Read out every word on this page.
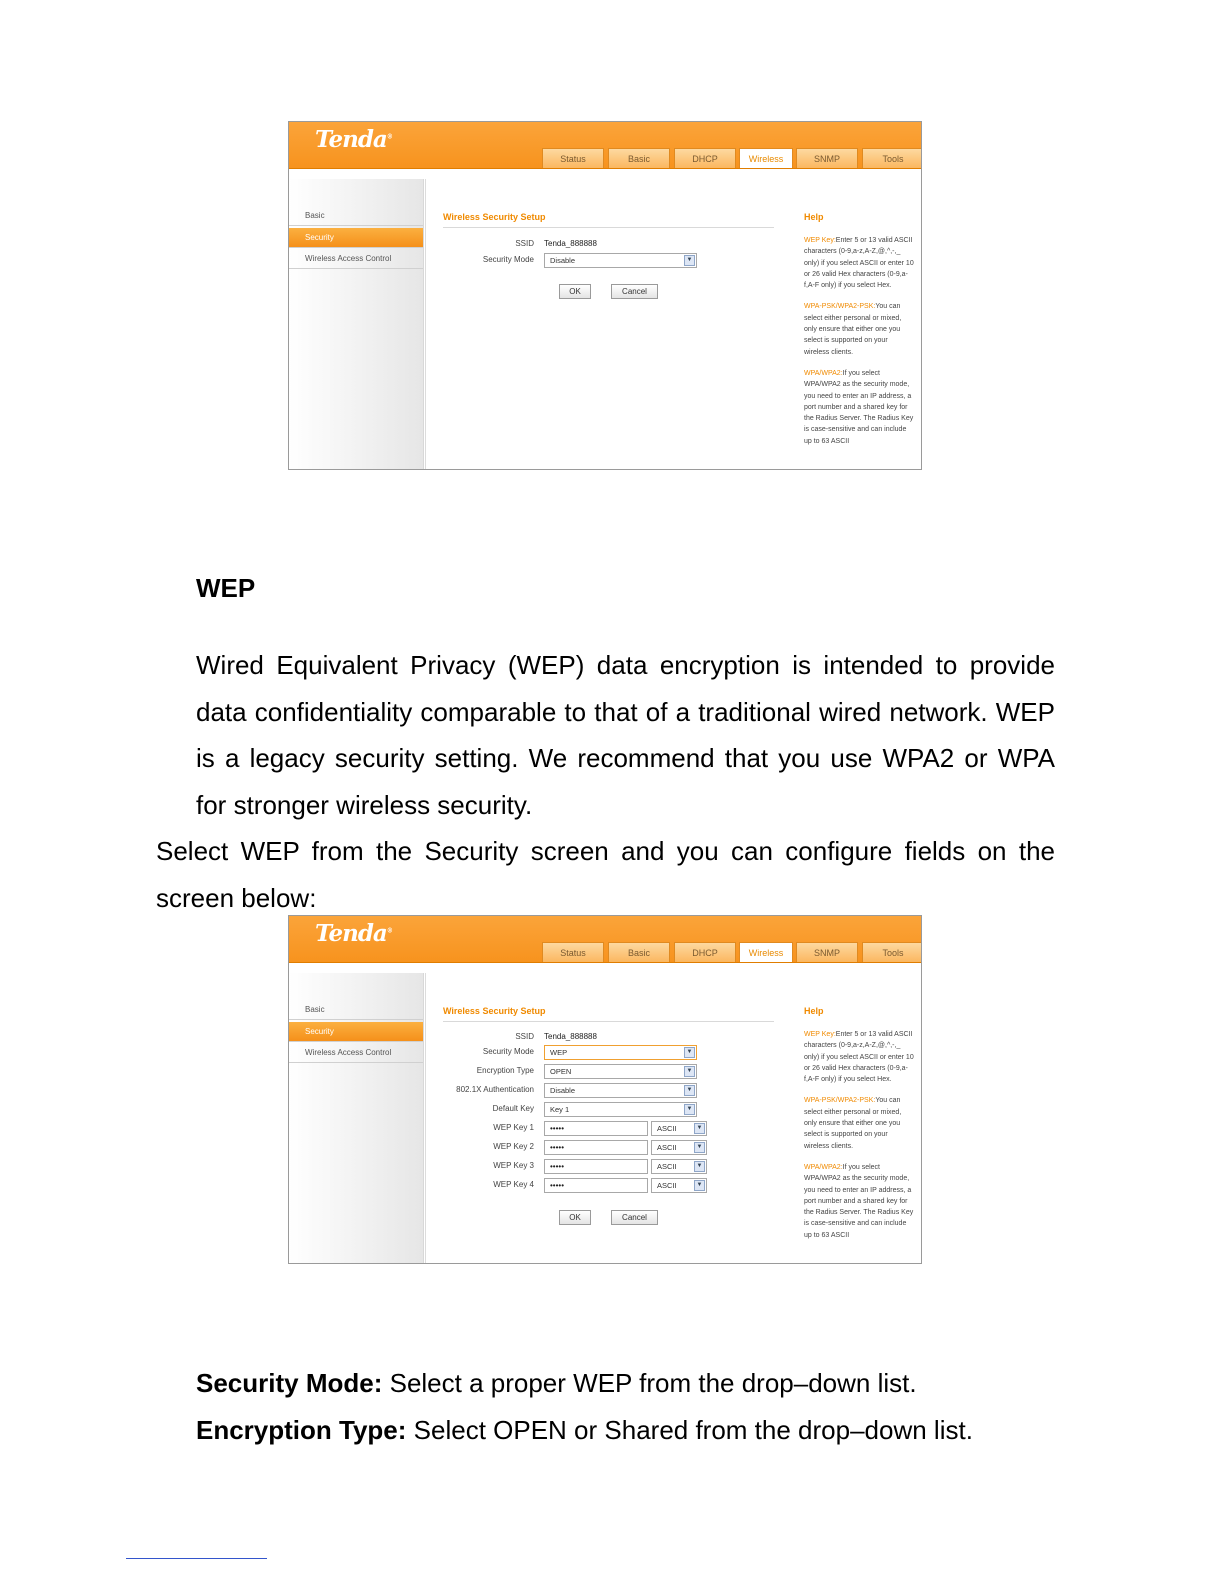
Tenda®
Status	Basic	DHCP	Wireless	SNMP	Tools
Basic
Security
Wireless Access Control
Wireless Security Setup
SSID Tenda_888888
Security Mode	Disable	▼
OK	Cancel
Help

WEP Key:Enter 5 or 13 valid ASCII characters (0-9,a-z,A-Z,@,^,-,_ only) if you select ASCII or enter 10 or 26 valid Hex characters (0-9,a-f,A-F only) if you select Hex.

WPA-PSK/WPA2-PSK:You can select either personal or mixed, only ensure that either one you select is supported on your wireless clients.

WPA/WPA2:If you select WPA/WPA2 as the security mode, you need to enter an IP address, a port number and a shared key for the Radius Server. The Radius Key is case-sensitive and can include up to 63 ASCII

WEP

Wired Equivalent Privacy (WEP) data encryption is intended to provide data confidentiality comparable to that of a traditional wired network. WEP is a legacy security setting. We recommend that you use WPA2 or WPA for stronger wireless security.

Select WEP from the Security screen and you can configure fields on the screen below:

Tenda®
Status	Basic	DHCP	Wireless	SNMP	Tools
Basic
Security
Wireless Access Control
Wireless Security Setup
SSID Tenda_888888
Security Mode	WEP	▼
Encryption Type	OPEN	▼
802.1X Authentication	Disable	▼
Default Key	Key 1	▼
WEP Key 1	•••••	ASCII	▼
WEP Key 2	•••••	ASCII	▼
WEP Key 3	•••••	ASCII	▼
WEP Key 4	•••••	ASCII	▼
OK	Cancel
Help

WEP Key:Enter 5 or 13 valid ASCII characters (0-9,a-z,A-Z,@,^,-,_ only) if you select ASCII or enter 10 or 26 valid Hex characters (0-9,a-f,A-F only) if you select Hex.

WPA-PSK/WPA2-PSK:You can select either personal or mixed, only ensure that either one you select is supported on your wireless clients.

WPA/WPA2:If you select WPA/WPA2 as the security mode, you need to enter an IP address, a port number and a shared key for the Radius Server. The Radius Key is case-sensitive and can include up to 63 ASCII

Security Mode: Select a proper WEP from the drop–down list.
Encryption Type: Select OPEN or Shared from the drop–down list.
